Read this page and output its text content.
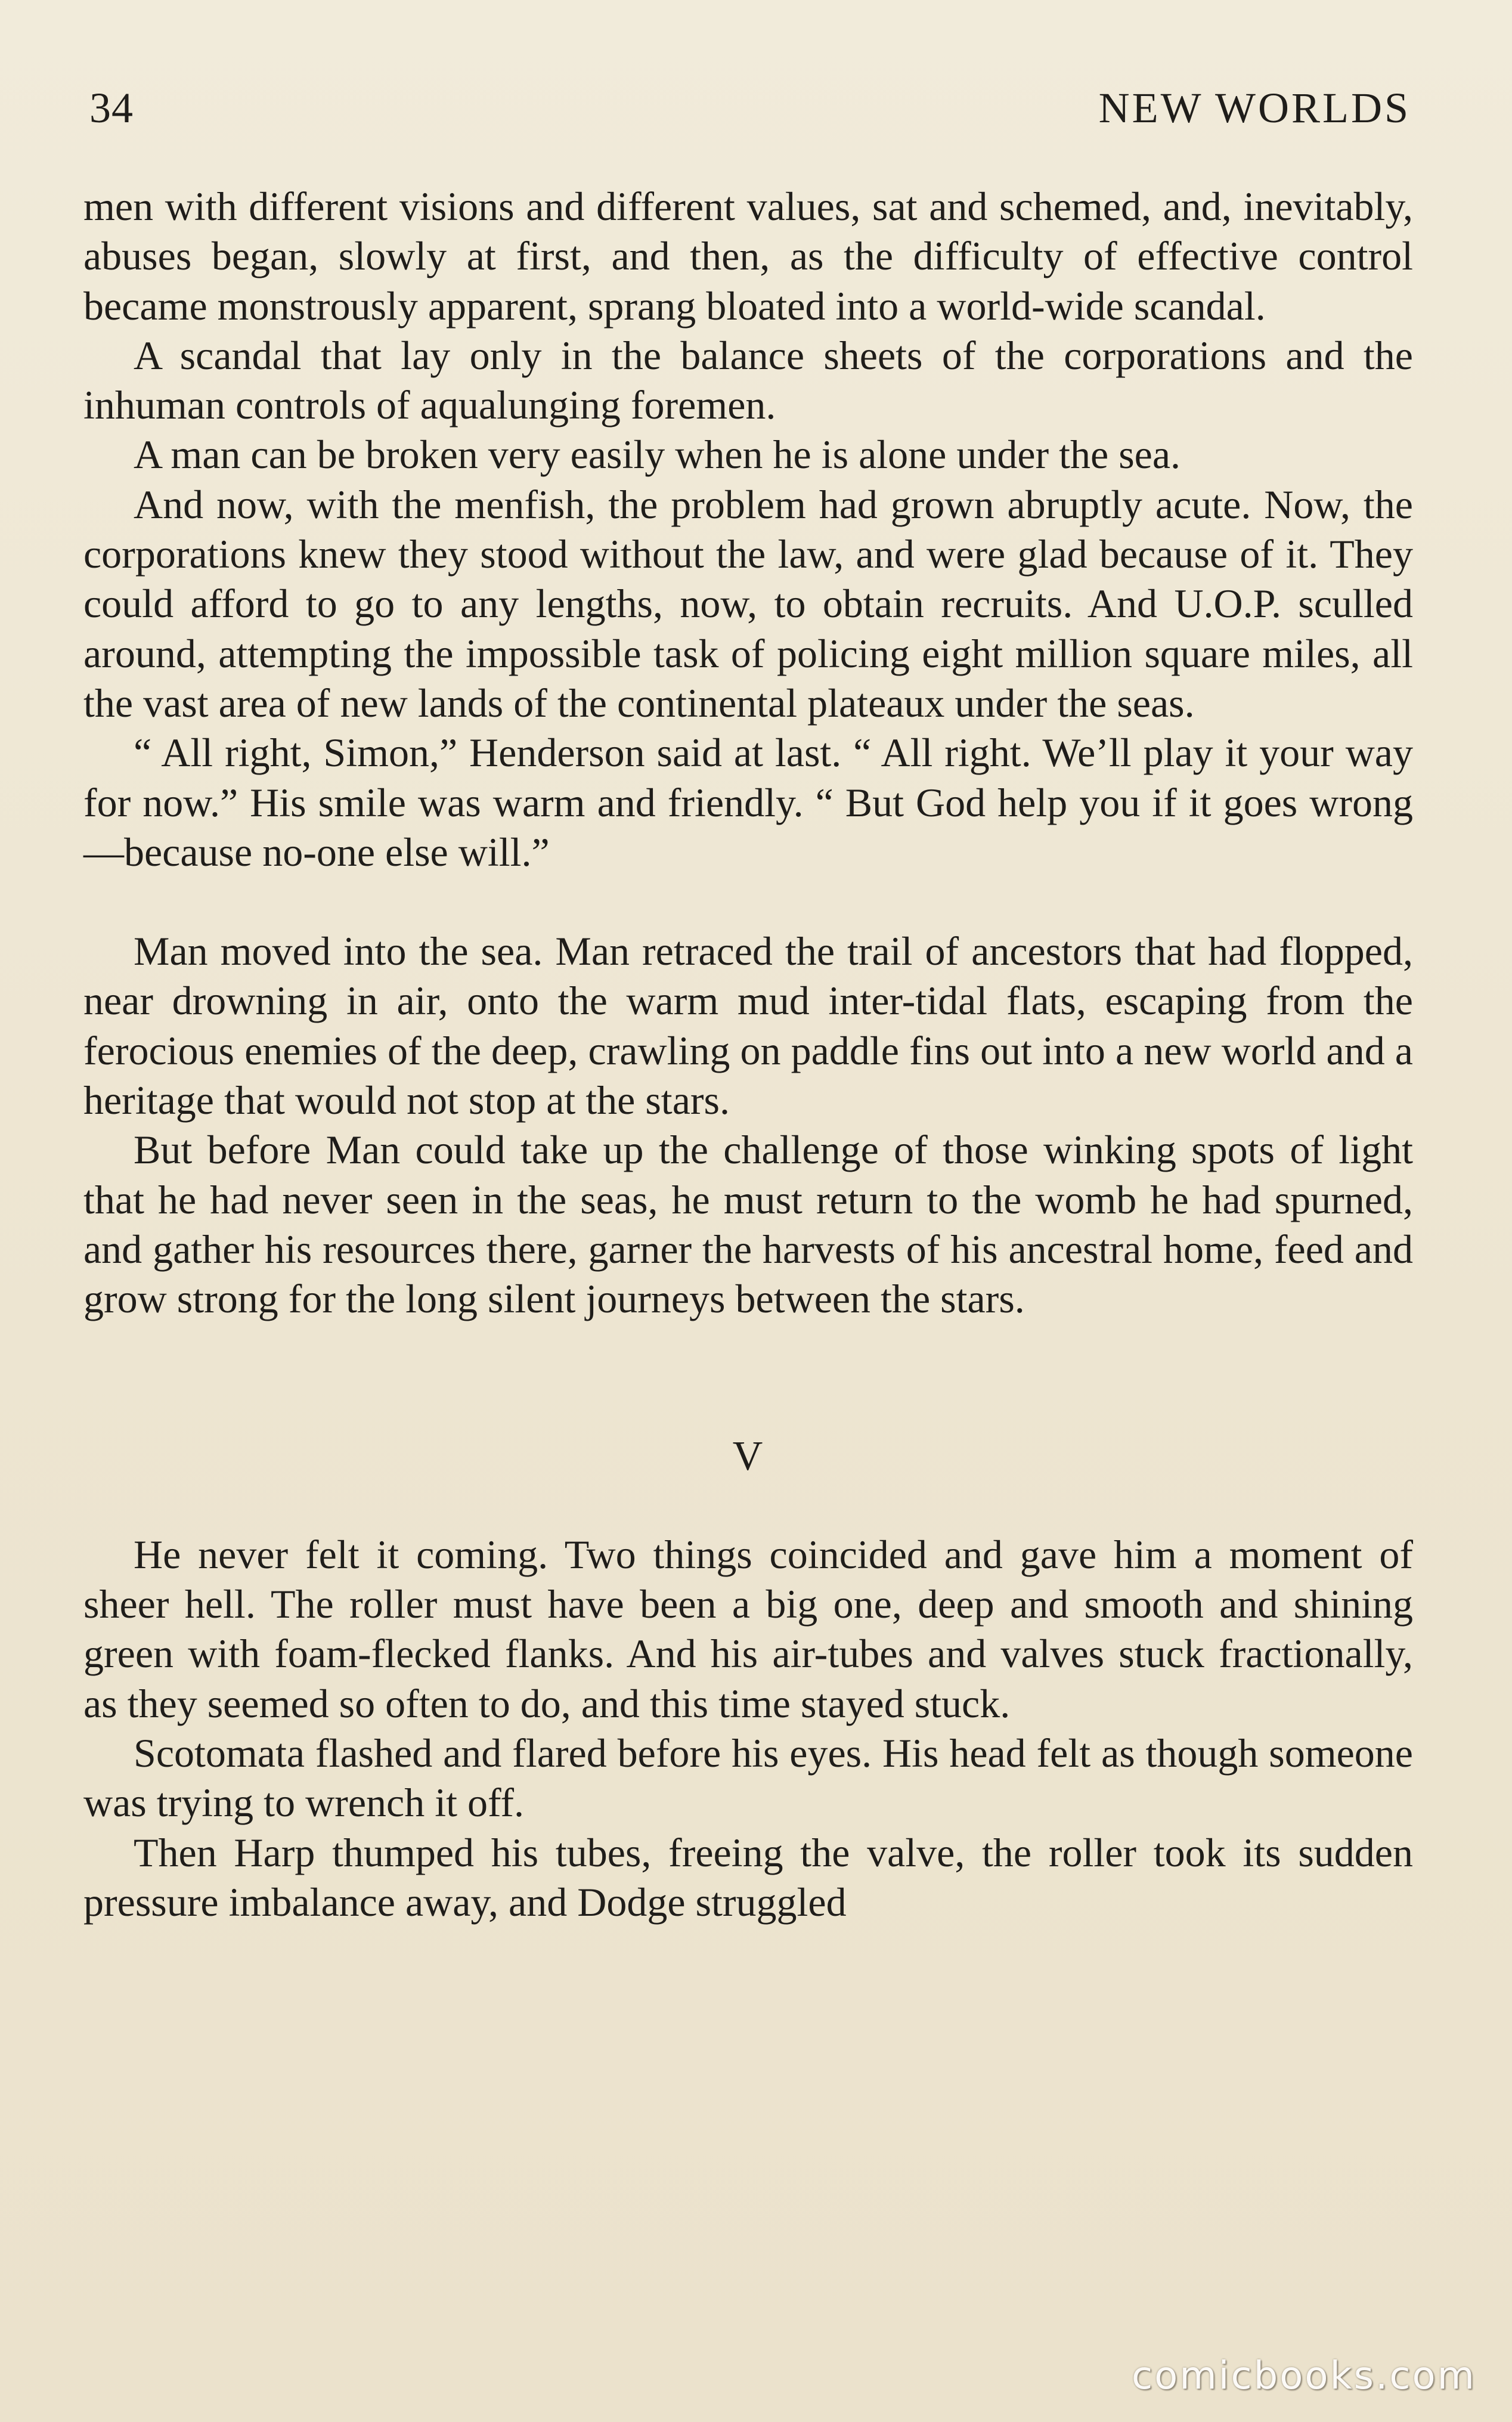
34	NEW WORLDS

men with different visions and different values, sat and schemed, and, inevitably, abuses began, slowly at first, and then, as the difficulty of effective control became monstrously apparent, sprang bloated into a world-wide scandal.

A scandal that lay only in the balance sheets of the corporations and the inhuman controls of aqualunging foremen.

A man can be broken very easily when he is alone under the sea.

And now, with the menfish, the problem had grown abruptly acute. Now, the corporations knew they stood without the law, and were glad because of it. They could afford to go to any lengths, now, to obtain recruits. And U.O.P. sculled around, attempting the impossible task of policing eight million square miles, all the vast area of new lands of the continental plateaux under the seas.

“ All right, Simon,” Henderson said at last. “ All right. We’ll play it your way for now.” His smile was warm and friendly. “ But God help you if it goes wrong—because no-one else will.”

Man moved into the sea. Man retraced the trail of ancestors that had flopped, near drowning in air, onto the warm mud inter-tidal flats, escaping from the ferocious enemies of the deep, crawling on paddle fins out into a new world and a heritage that would not stop at the stars.

But before Man could take up the challenge of those winking spots of light that he had never seen in the seas, he must return to the womb he had spurned, and gather his resources there, garner the harvests of his ancestral home, feed and grow strong for the long silent journeys between the stars.

V

He never felt it coming. Two things coincided and gave him a moment of sheer hell. The roller must have been a big one, deep and smooth and shining green with foam-flecked flanks. And his air-tubes and valves stuck fractionally, as they seemed so often to do, and this time stayed stuck.

Scotomata flashed and flared before his eyes. His head felt as though someone was trying to wrench it off.

Then Harp thumped his tubes, freeing the valve, the roller took its sudden pressure imbalance away, and Dodge struggled

comicbooks.com
